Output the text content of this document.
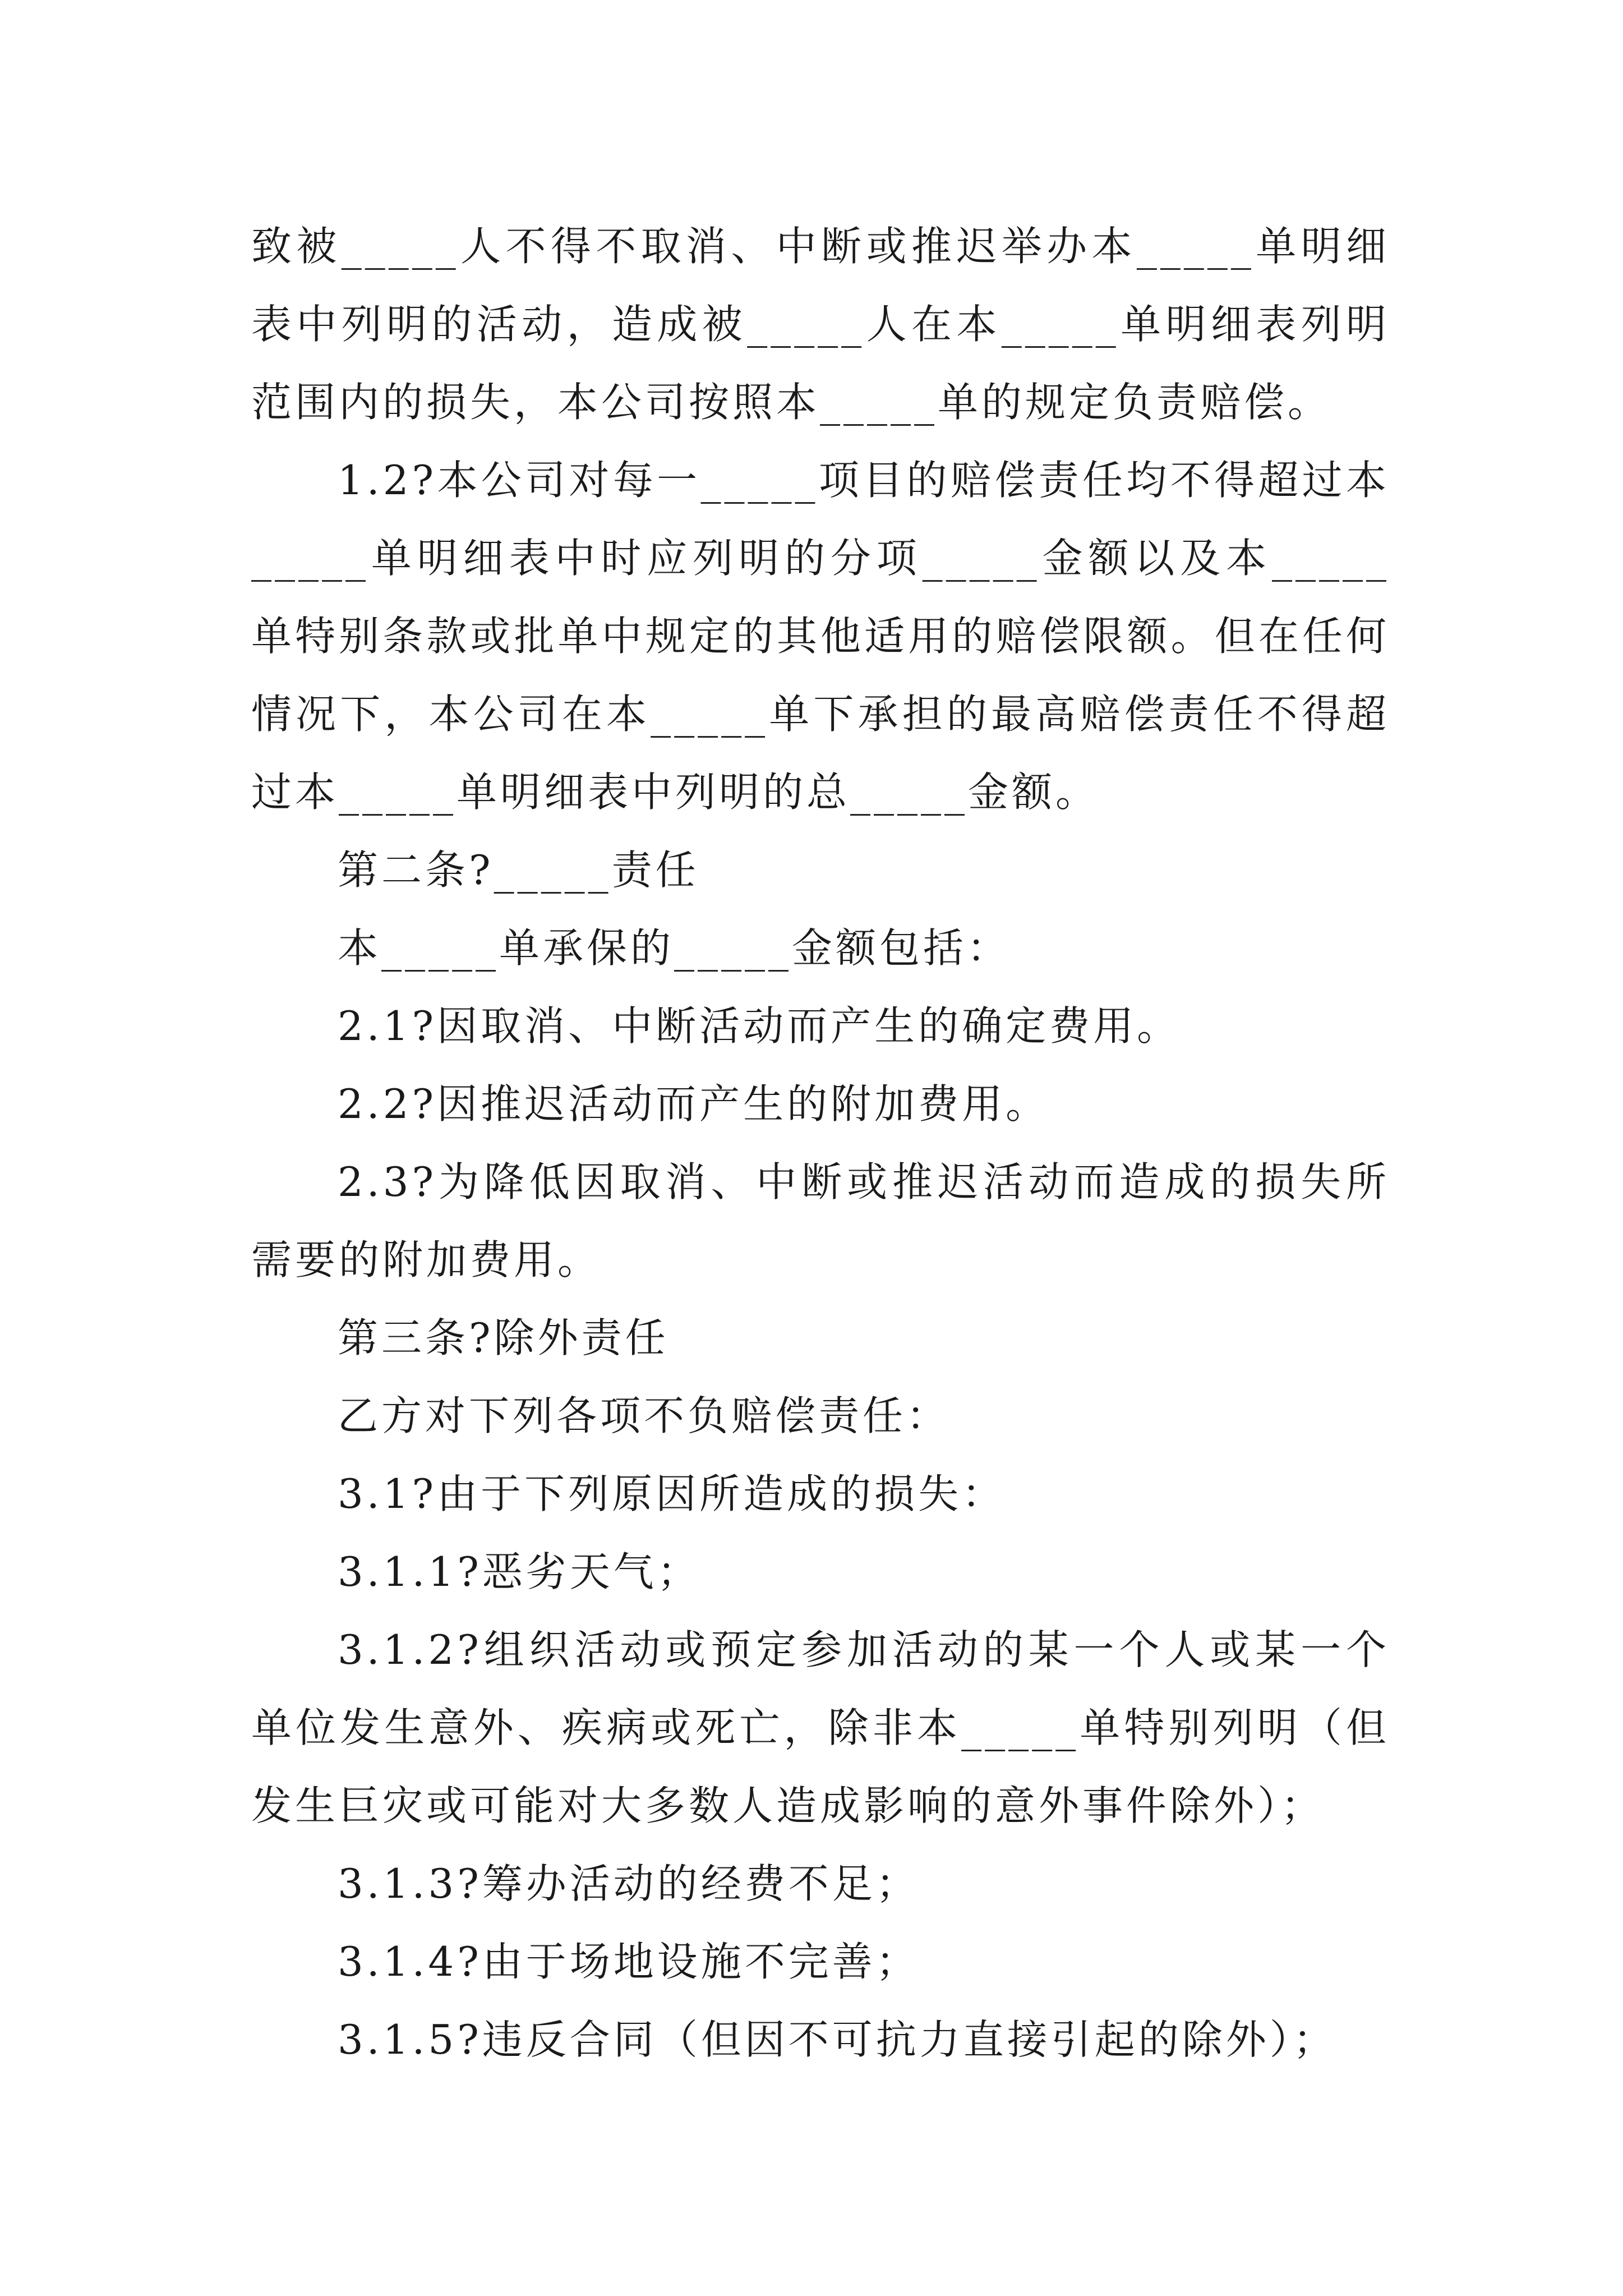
致被_____人不得不取消、中断或推迟举办本_____单明细表中列明的活动，造成被_____人在本_____单明细表列明范围内的损失，本公司按照本_____单的规定负责赔偿。

1.2?本公司对每一_____项目的赔偿责任均不得超过本_____单明细表中时应列明的分项_____金额以及本_____单特别条款或批单中规定的其他适用的赔偿限额。但在任何情况下，本公司在本_____单下承担的最高赔偿责任不得超过本_____单明细表中列明的总_____金额。

第二条?_____责任

本_____单承保的_____金额包括：

2.1?因取消、中断活动而产生的确定费用。

2.2?因推迟活动而产生的附加费用。

2.3?为降低因取消、中断或推迟活动而造成的损失所需要的附加费用。

第三条?除外责任

乙方对下列各项不负赔偿责任：

3.1?由于下列原因所造成的损失：

3.1.1?恶劣天气；

3.1.2?组织活动或预定参加活动的某一个人或某一个单位发生意外、疾病或死亡，除非本_____单特别列明（但发生巨灾或可能对大多数人造成影响的意外事件除外）；

3.1.3?筹办活动的经费不足；

3.1.4?由于场地设施不完善；

3.1.5?违反合同（但因不可抗力直接引起的除外）；
